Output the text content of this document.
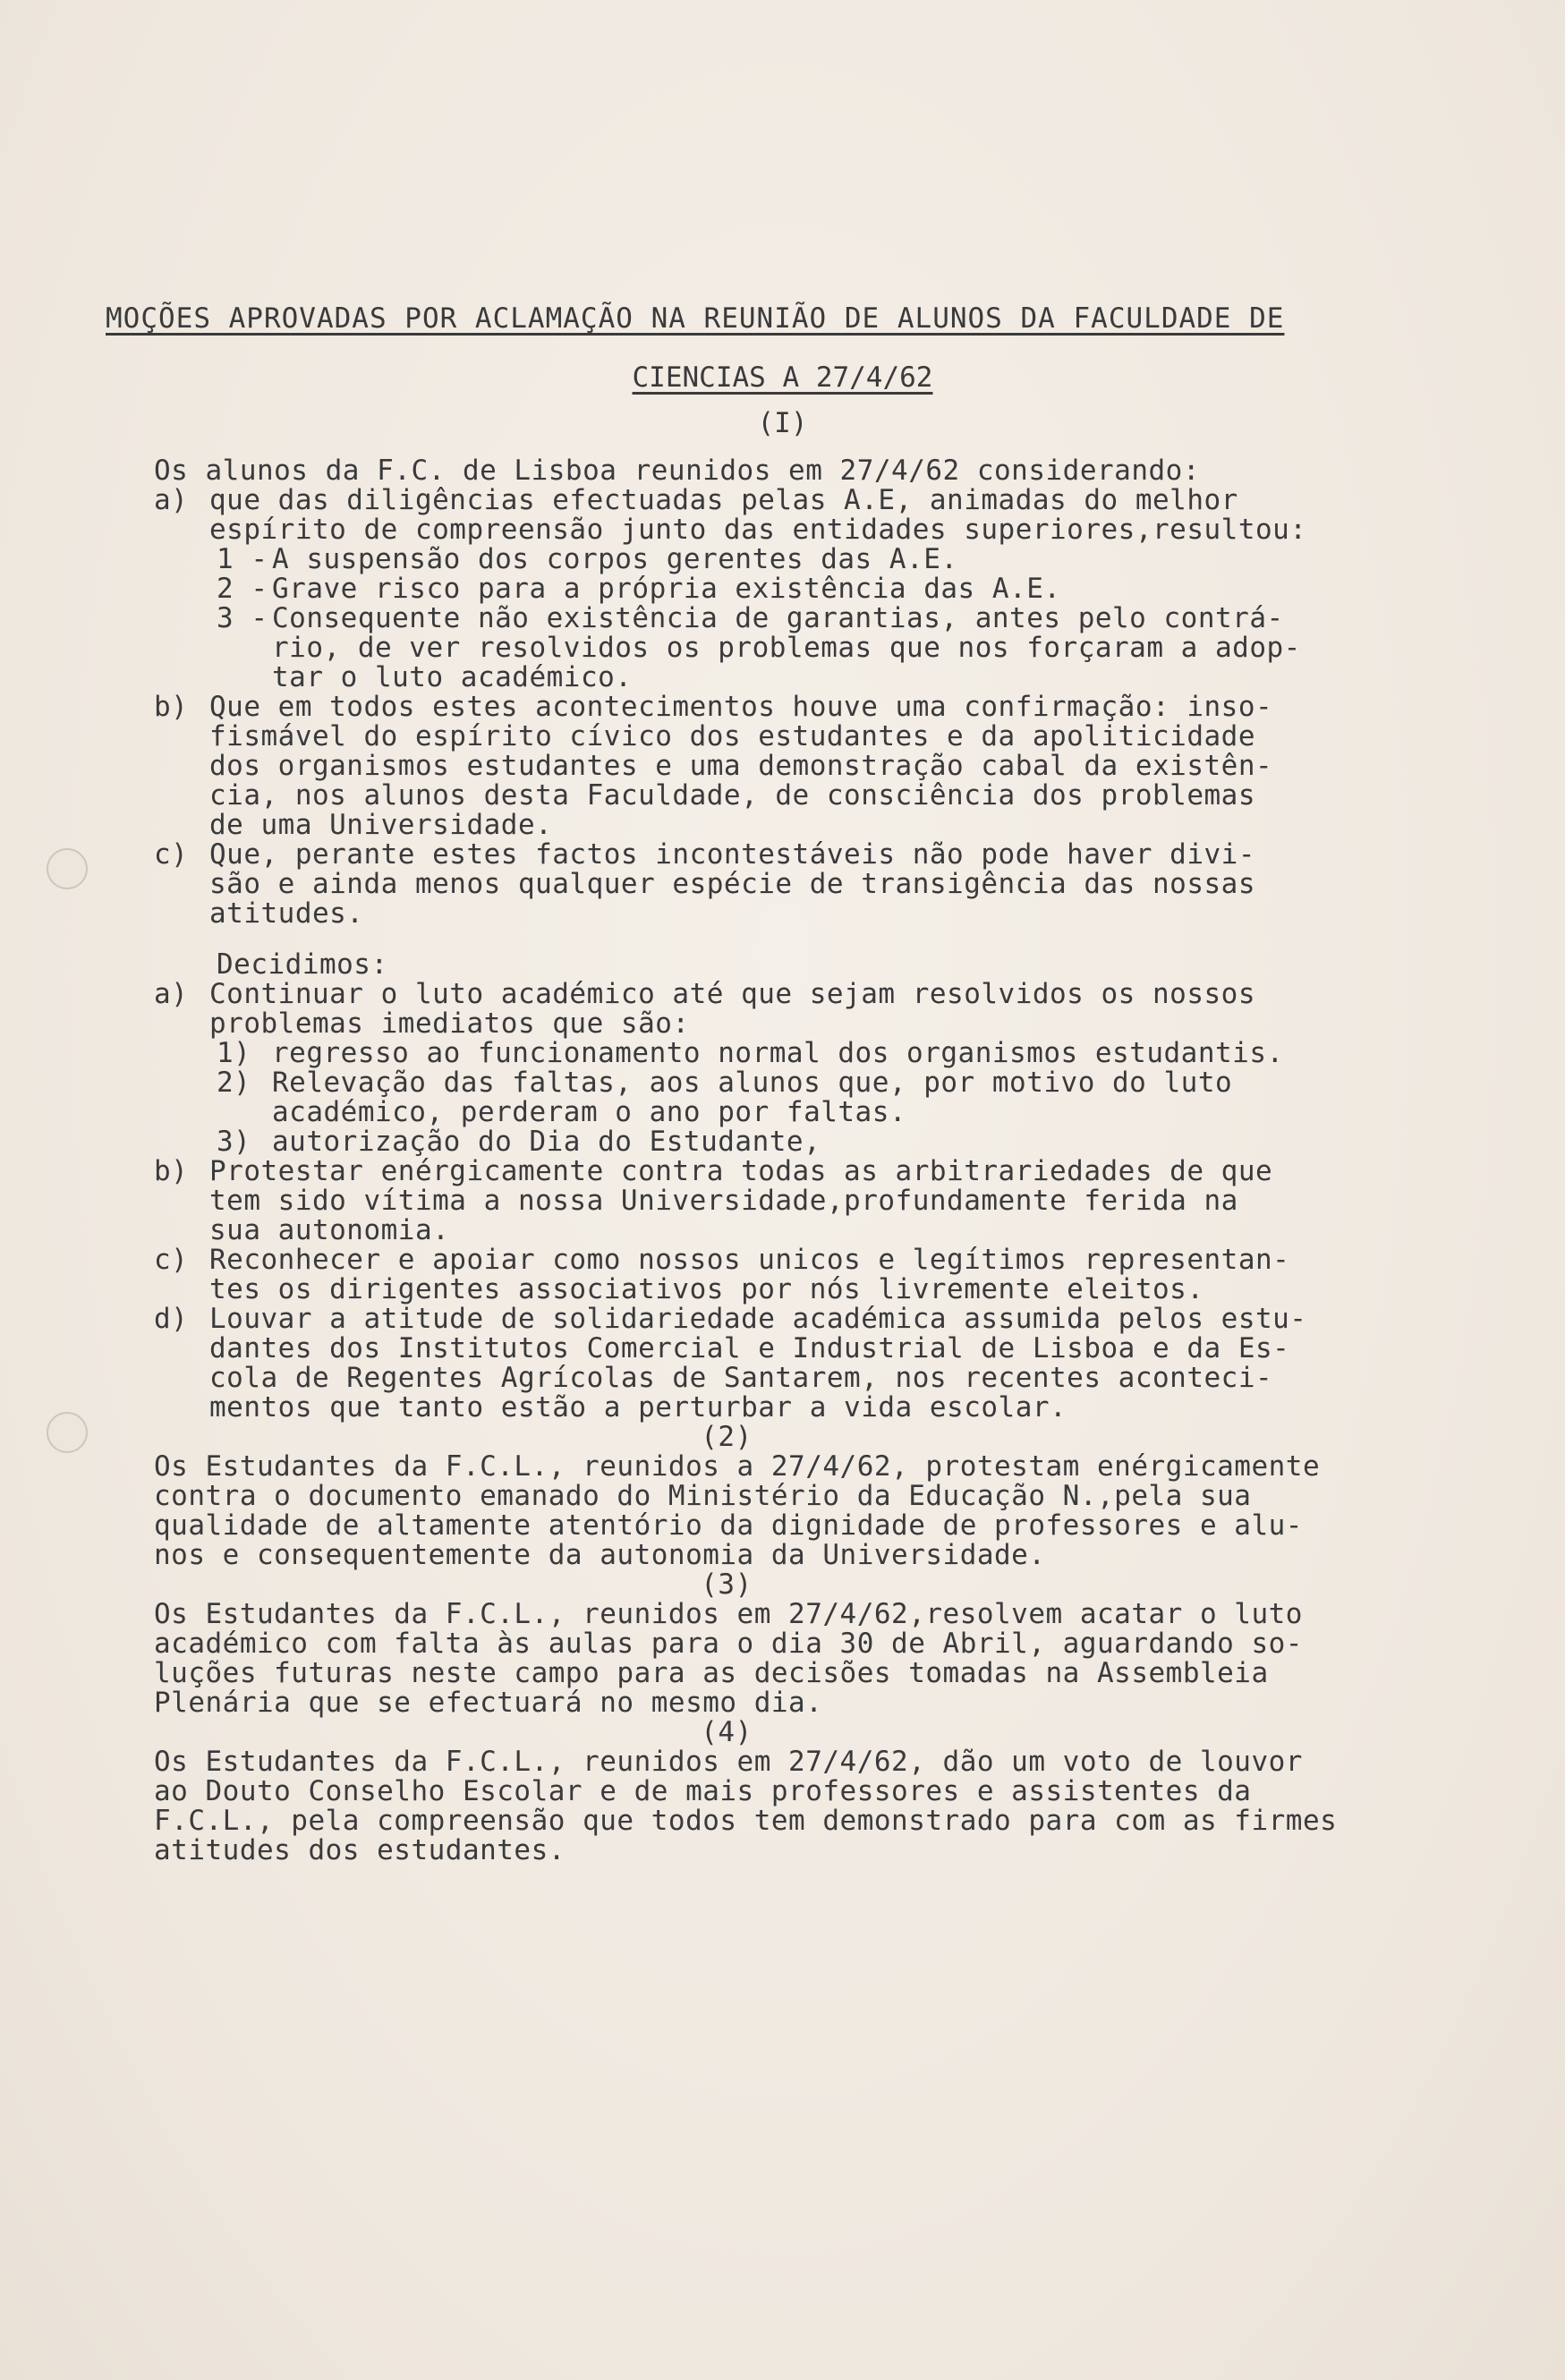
MOÇÕES APROVADAS POR ACLAMAÇÃO NA REUNIÃO DE ALUNOS DA FACULDADE DE
CIENCIAS A 27/4/62
(I)
Os alunos da F.C. de Lisboa reunidos em 27/4/62 considerando:
a) que das diligências efectuadas pelas A.E, animadas do melhor
espírito de compreensão junto das entidades superiores,resultou:
1 - A suspensão dos corpos gerentes das A.E.
2 - Grave risco para a própria existência das A.E.
3 - Consequente não existência de garantias, antes pelo contrá-
rio, de ver resolvidos os problemas que nos forçaram a adop-
tar o luto académico.
b) Que em todos estes acontecimentos houve uma confirmação: inso-
fismável do espírito cívico dos estudantes e da apoliticidade
dos organismos estudantes e uma demonstração cabal da existên-
cia, nos alunos desta Faculdade, de consciência dos problemas
de uma Universidade.
c) Que, perante estes factos incontestáveis não pode haver divi-
são e ainda menos qualquer espécie de transigência das nossas
atitudes.
Decidimos:
a) Continuar o luto académico até que sejam resolvidos os nossos
problemas imediatos que são:
1) regresso ao funcionamento normal dos organismos estudantis.
2) Relevação das faltas, aos alunos que, por motivo do luto
académico, perderam o ano por faltas.
3) autorização do Dia do Estudante,
b) Protestar enérgicamente contra todas as arbitrariedades de que
tem sido vítima a nossa Universidade,profundamente ferida na
sua autonomia.
c) Reconhecer e apoiar como nossos unicos e legítimos representan-
tes os dirigentes associativos por nós livremente eleitos.
d) Louvar a atitude de solidariedade académica assumida pelos estu-
dantes dos Institutos Comercial e Industrial de Lisboa e da Es-
cola de Regentes Agrícolas de Santarem, nos recentes aconteci-
mentos que tanto estão a perturbar a vida escolar.
(2)
Os Estudantes da F.C.L., reunidos a 27/4/62, protestam enérgicamente
contra o documento emanado do Ministério da Educação N.,pela sua
qualidade de altamente atentório da dignidade de professores e alu-
nos e consequentemente da autonomia da Universidade.
(3)
Os Estudantes da F.C.L., reunidos em 27/4/62,resolvem acatar o luto
académico com falta às aulas para o dia 30 de Abril, aguardando so-
luções futuras neste campo para as decisões tomadas na Assembleia
Plenária que se efectuará no mesmo dia.
(4)
Os Estudantes da F.C.L., reunidos em 27/4/62, dão um voto de louvor
ao Douto Conselho Escolar e de mais professores e assistentes da
F.C.L., pela compreensão que todos tem demonstrado para com as firmes
atitudes dos estudantes.
